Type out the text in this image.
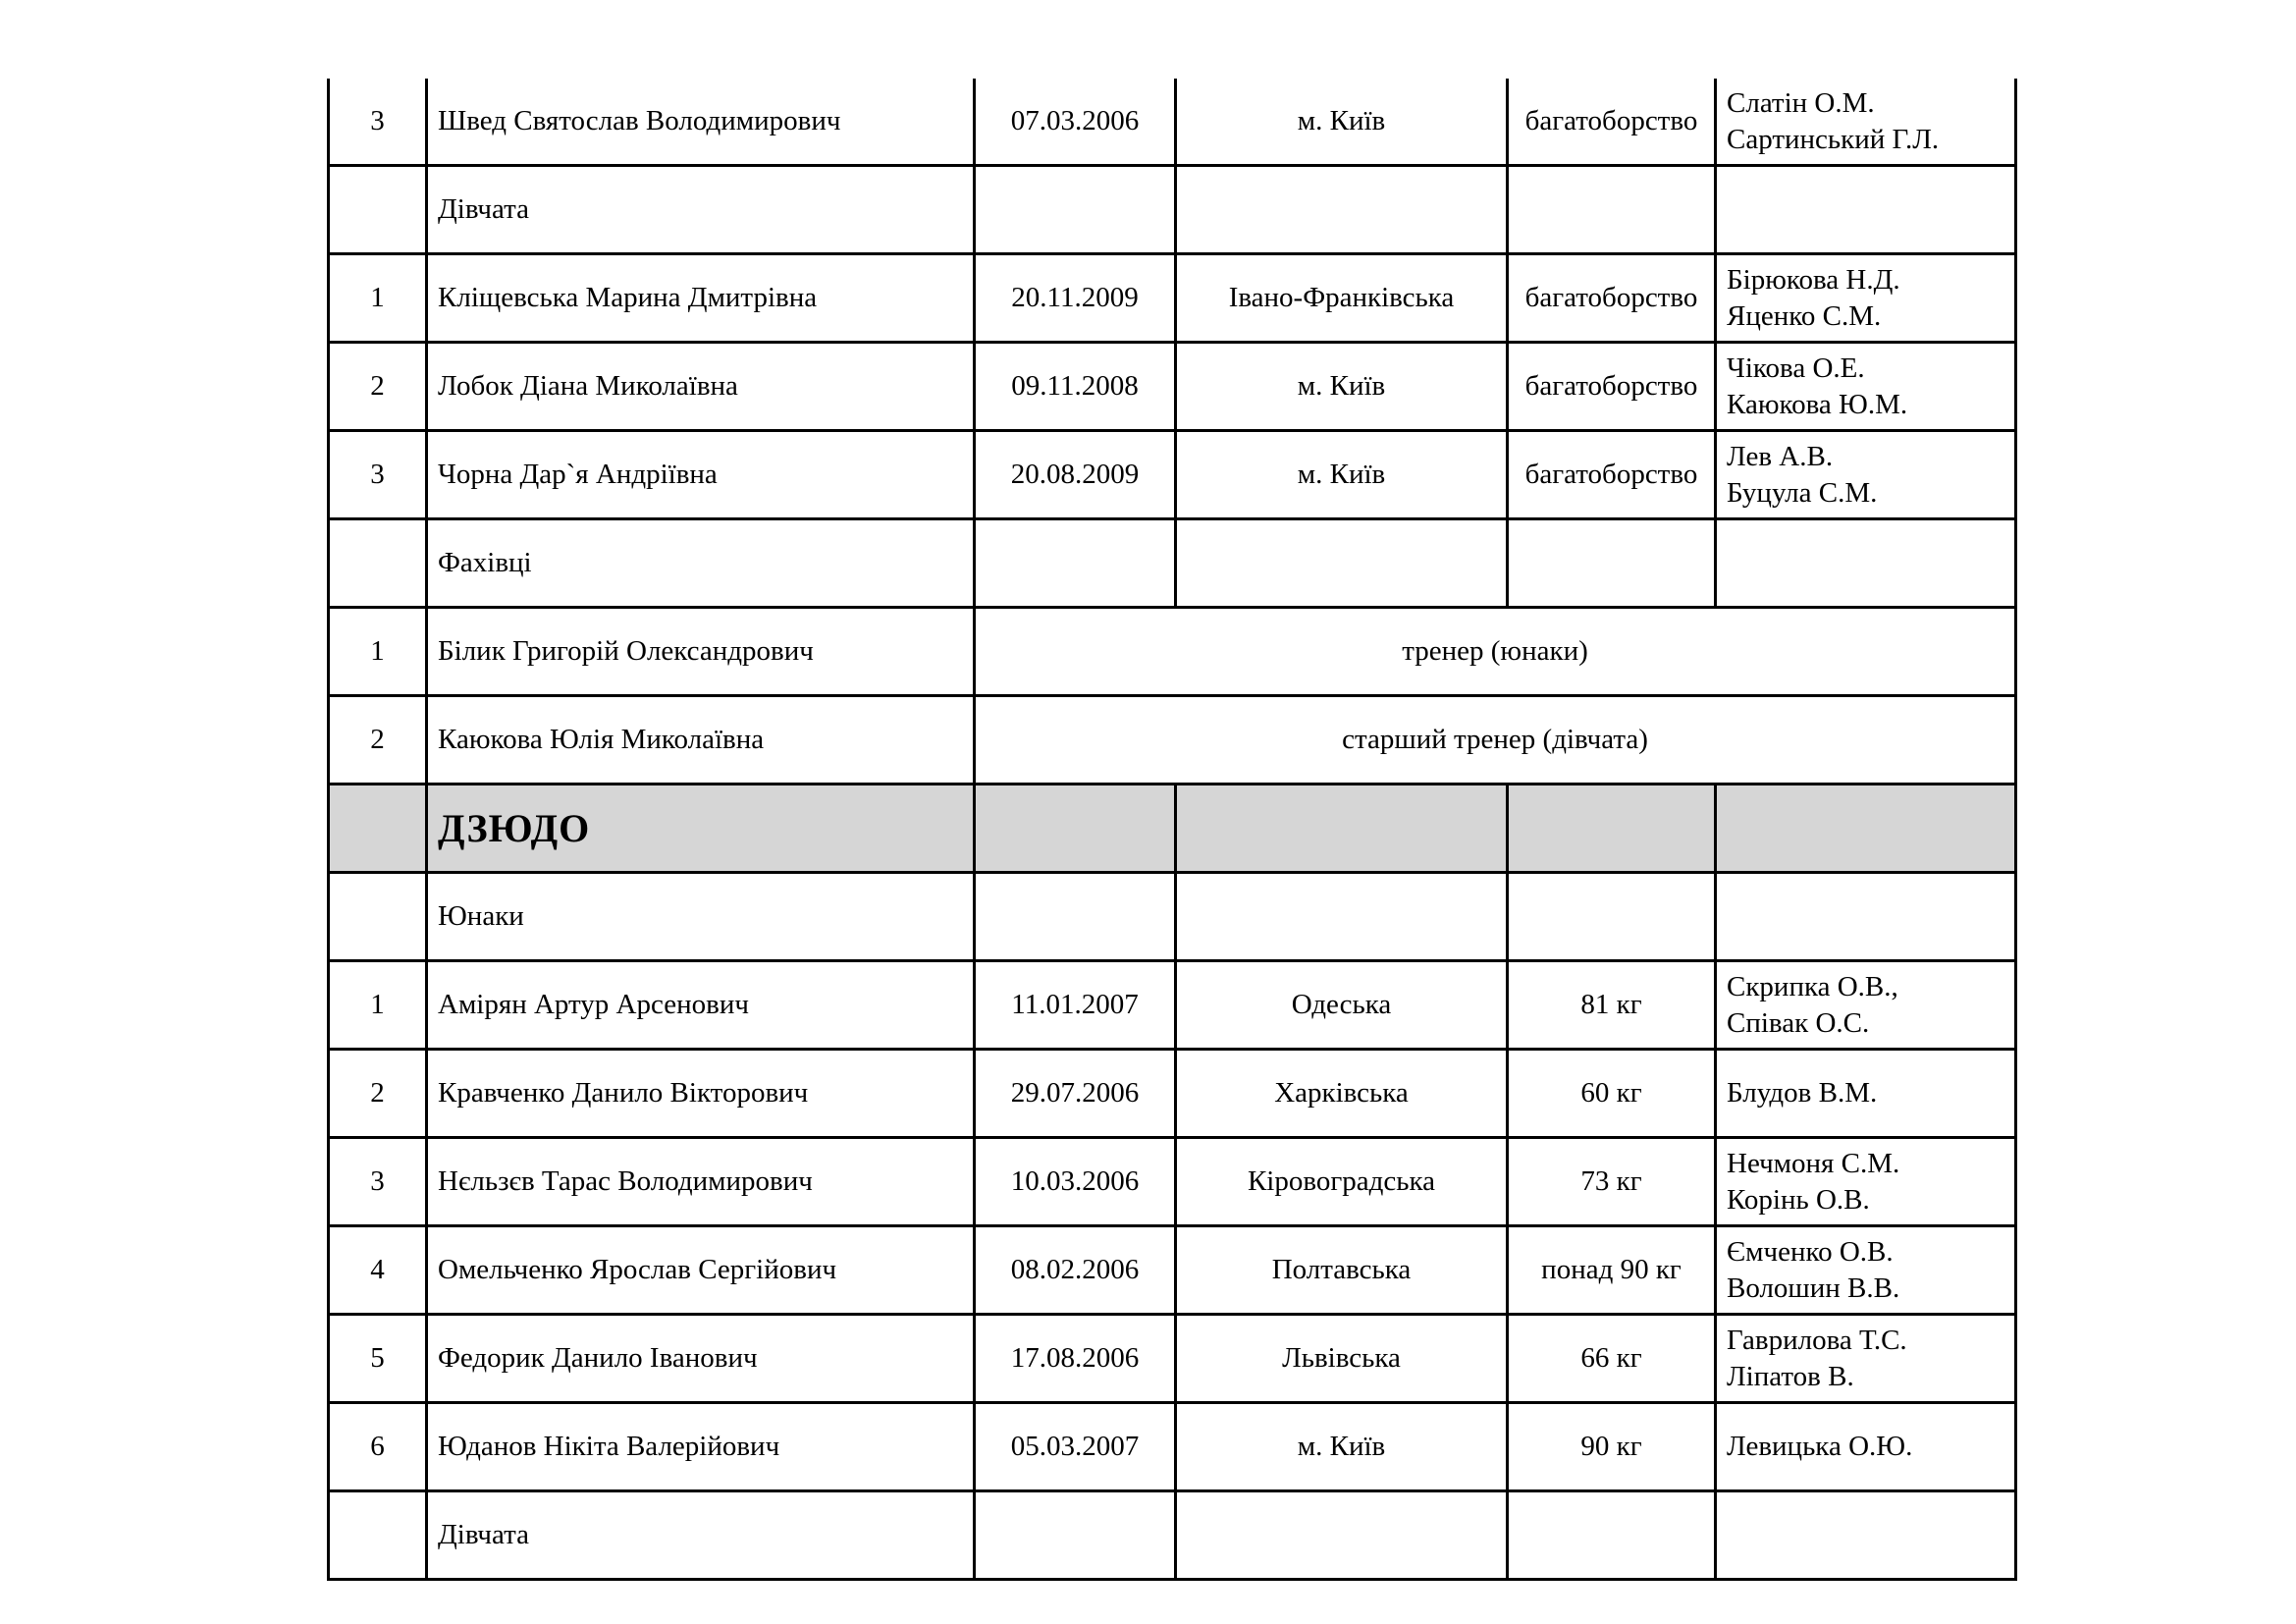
3	Швед Святослав Володимирович	07.03.2006	м. Київ	багатоборство	Слатін О.М.
Сартинський Г.Л.

	Дівчата				
1	Кліщевська Марина Дмитрівна	20.11.2009	Івано-Франківська	багатоборство	Бірюкова Н.Д.
Яценко С.М.

2	Лобок Діана Миколаївна	09.11.2008	м. Київ	багатоборство	Чікова О.Е.
Каюкова Ю.М.

3	Чорна Дар`я Андріївна	20.08.2009	м. Київ	багатоборство	Лев А.В.
Буцула С.М.

	Фахівці				
1	Білик Григорій Олександрович	тренер (юнаки)			
2	Каюкова Юлія Миколаївна	старший тренер (дівчата)			
	ДЗЮДО				
	Юнаки				
1	Амірян Артур Арсенович	11.01.2007	Одеська	81 кг	Скрипка О.В.,
Співак О.С.

2	Кравченко Данило Вікторович	29.07.2006	Харківська	60 кг	Блудов В.М.

3	Нєльзєв Тарас Володимирович	10.03.2006	Кіровоградська	73 кг	Нечмоня С.М.
Корінь О.В.

4	Омельченко Ярослав Сергійович	08.02.2006	Полтавська	понад 90 кг	Ємченко О.В.
Волошин В.В.

5	Федорик Данило Іванович	17.08.2006	Львівська	66 кг	Гаврилова Т.С.
Ліпатов В.

6	Юданов Нікіта Валерійович	05.03.2007	м. Київ	90 кг	Левицька О.Ю.

	Дівчата				
